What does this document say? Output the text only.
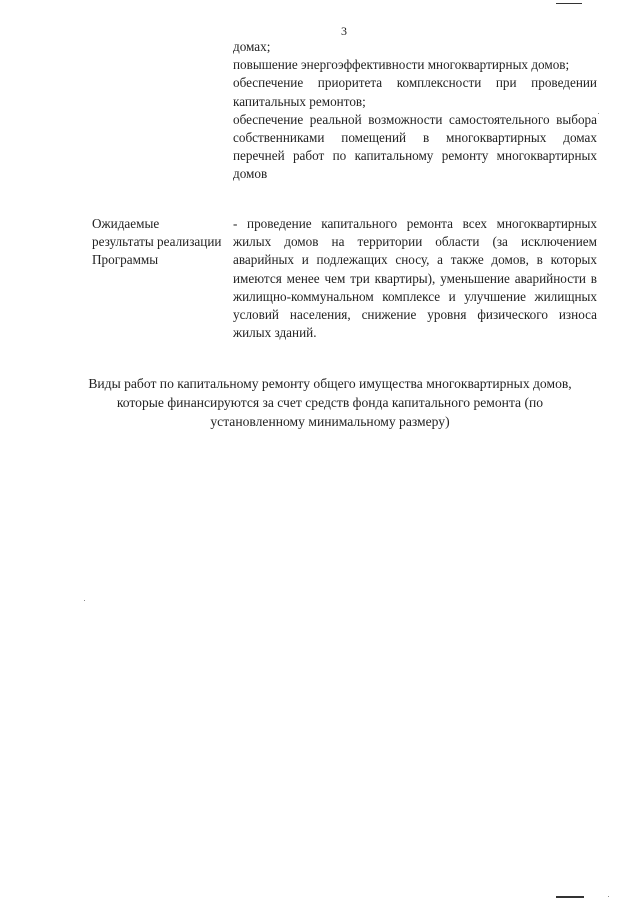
3
домах;
повышение энергоэффективности многоквартирных домов;
обеспечение приоритета комплексности при проведении капитальных ремонтов;
обеспечение реальной возможности самостоятельного выбора собственниками помещений в многоквартирных домах перечней работ по капитальному ремонту многоквартирных домов
Ожидаемые результаты реализации Программы
- проведение капитального ремонта всех многоквартирных жилых домов на территории области (за исключением аварийных и подлежащих сносу, а также домов, в которых имеются менее чем три квартиры), уменьшение аварийности в жилищно-коммунальном комплексе и улучшение жилищных условий населения, снижение уровня физического износа жилых зданий.
Виды работ по капитальному ремонту общего имущества многоквартирных домов, которые финансируются за счет средств фонда капитального ремонта (по установленному минимальному размеру)
